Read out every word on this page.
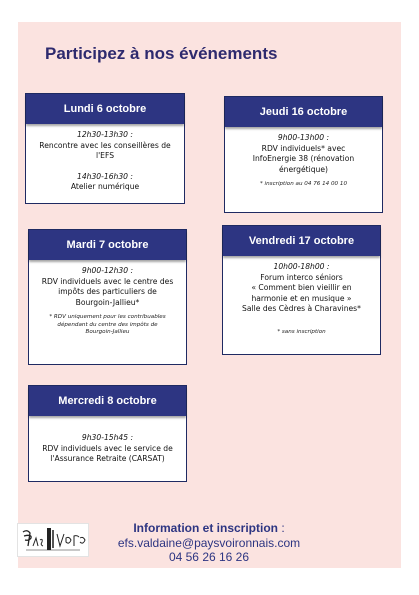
Participez à nos événements
Lundi 6 octobre
12h30-13h30 :
Rencontre avec les conseillères de
l'EFS
14h30-16h30 :
Atelier numérique
Jeudi 16 octobre
9h00-13h00 :
RDV individuels* avec
InfoEnergie 38 (rénovation
énergétique)
* inscription au 04 76 14 00 10
Mardi 7 octobre
9h00-12h30 :
RDV individuels avec le centre des
impôts des particuliers de
Bourgoin-Jallieu*
* RDV uniquement pour les contribuables
dépendant du centre des impôts de
Bourgoin-Jallieu
Vendredi 17 octobre
10h00-18h00 :
Forum interco séniors
« Comment bien vieillir en
harmonie et en musique »
Salle des Cèdres à Charavines*
* sans inscription
Mercredi 8 octobre
9h30-15h45 :
RDV individuels avec le service de
l'Assurance Retraite (CARSAT)
Information et inscription :
efs.valdaine@paysvoironnais.com
04 56 26 16 26
